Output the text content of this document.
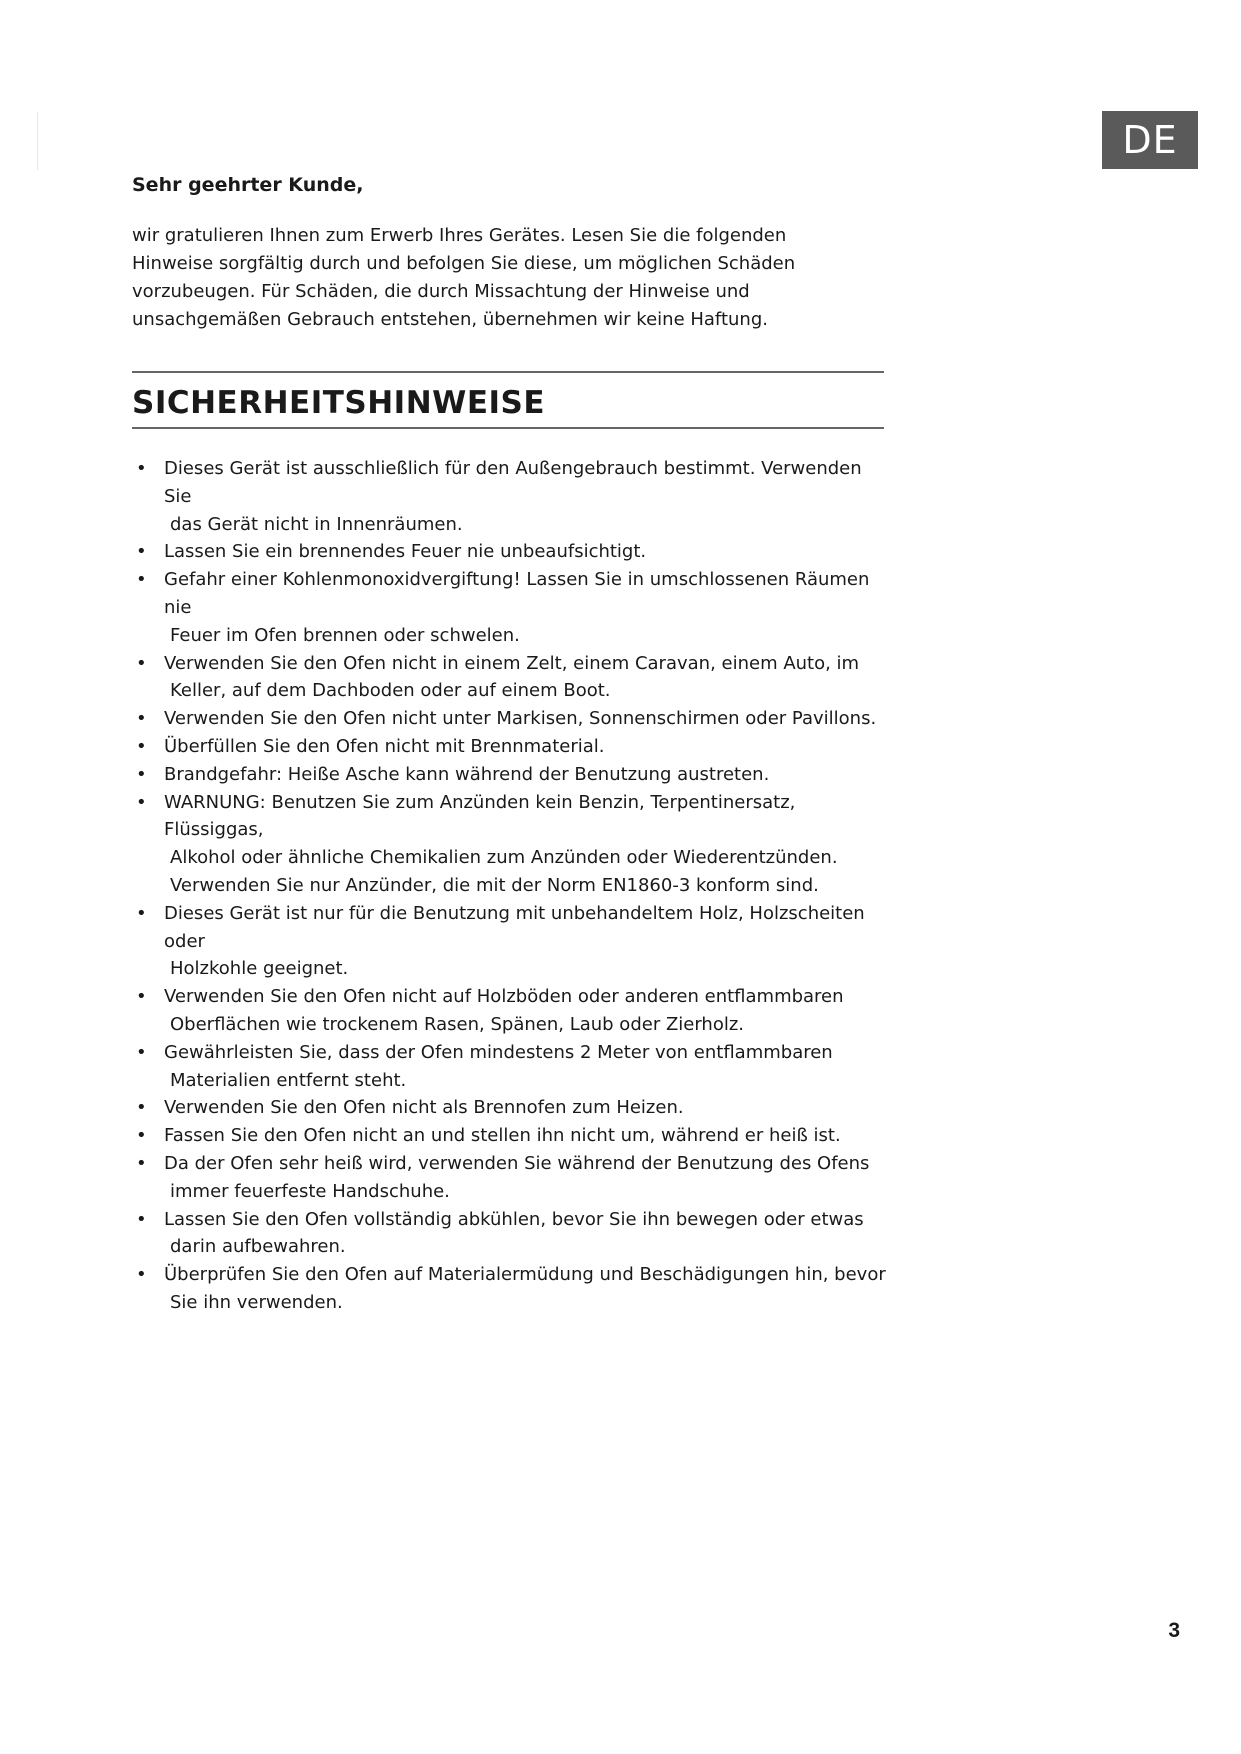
DE

Sehr geehrter Kunde,

wir gratulieren Ihnen zum Erwerb Ihres Gerätes. Lesen Sie die folgenden Hinweise sorgfältig durch und befolgen Sie diese, um möglichen Schäden vorzubeugen. Für Schäden, die durch Missachtung der Hinweise und unsachgemäßen Gebrauch entstehen, übernehmen wir keine Haftung.

SICHERHEITSHINWEISE
• Dieses Gerät ist ausschließlich für den Außengebrauch bestimmt. Verwenden Sie
das Gerät nicht in Innenräumen.
• Lassen Sie ein brennendes Feuer nie unbeaufsichtigt.
• Gefahr einer Kohlenmonoxidvergiftung! Lassen Sie in umschlossenen Räumen nie
Feuer im Ofen brennen oder schwelen.
• Verwenden Sie den Ofen nicht in einem Zelt, einem Caravan, einem Auto, im
Keller, auf dem Dachboden oder auf einem Boot.
• Verwenden Sie den Ofen nicht unter Markisen, Sonnenschirmen oder Pavillons.
• Überfüllen Sie den Ofen nicht mit Brennmaterial.
• Brandgefahr: Heiße Asche kann während der Benutzung austreten.
• WARNUNG: Benutzen Sie zum Anzünden kein Benzin, Terpentinersatz, Flüssiggas,
Alkohol oder ähnliche Chemikalien zum Anzünden oder Wiederentzünden. Verwenden Sie nur Anzünder, die mit der Norm EN1860-3 konform sind.
• Dieses Gerät ist nur für die Benutzung mit unbehandeltem Holz, Holzscheiten oder
Holzkohle geeignet.
• Verwenden Sie den Ofen nicht auf Holzböden oder anderen entflammbaren
Oberflächen wie trockenem Rasen, Spänen, Laub oder Zierholz.
• Gewährleisten Sie, dass der Ofen mindestens 2 Meter von entflammbaren
Materialien entfernt steht.
• Verwenden Sie den Ofen nicht als Brennofen zum Heizen.
• Fassen Sie den Ofen nicht an und stellen ihn nicht um, während er heiß ist.
• Da der Ofen sehr heiß wird, verwenden Sie während der Benutzung des Ofens
immer feuerfeste Handschuhe.
• Lassen Sie den Ofen vollständig abkühlen, bevor Sie ihn bewegen oder etwas
darin aufbewahren.
• Überprüfen Sie den Ofen auf Materialermüdung und Beschädigungen hin, bevor
Sie ihn verwenden.
3
